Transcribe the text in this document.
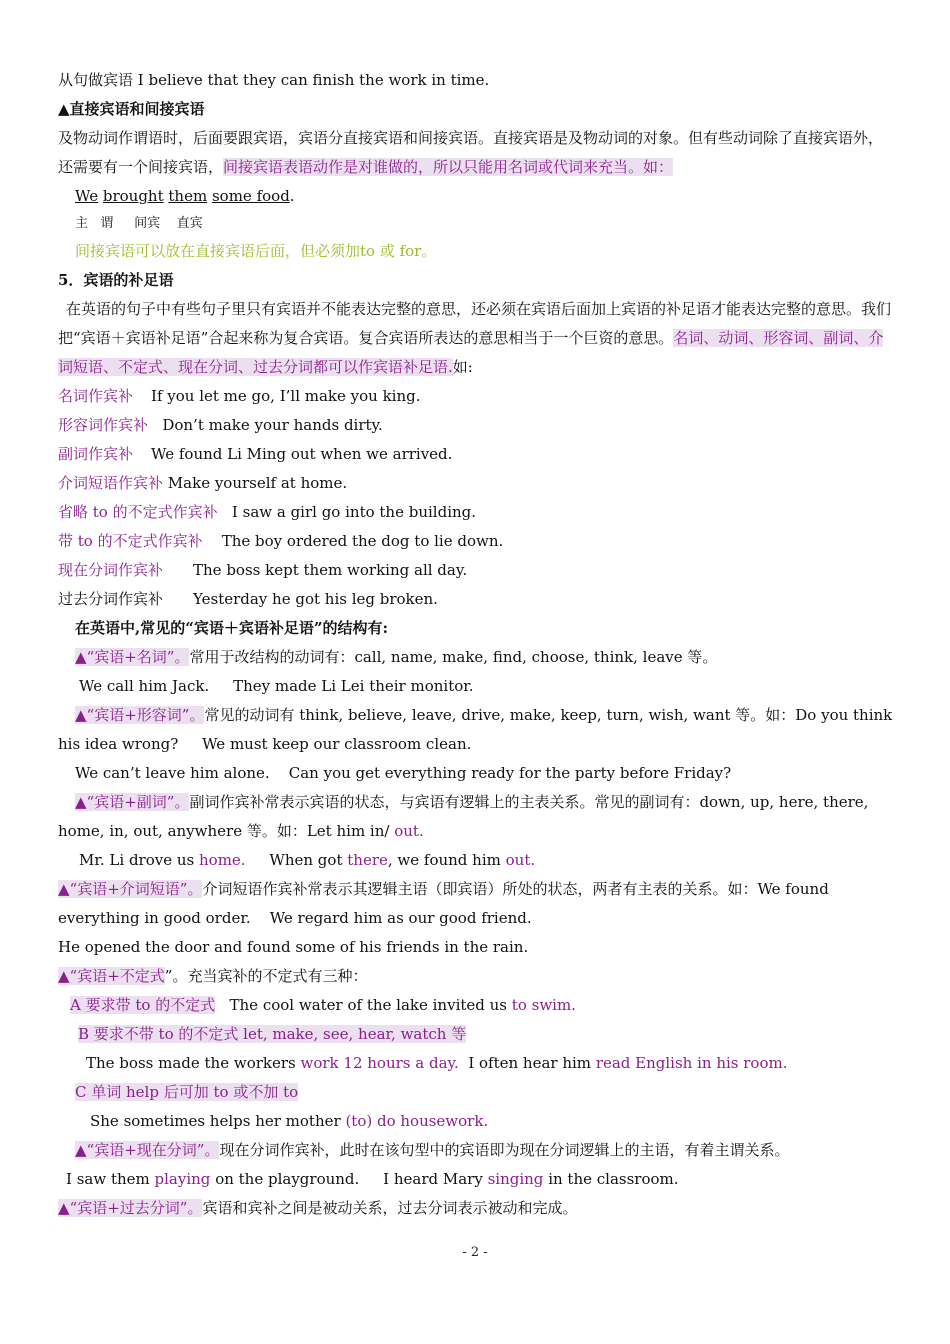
从句做宾语 I believe that they can finish the work in time.
▲直接宾语和间接宾语
及物动词作谓语时，后面要跟宾语，宾语分直接宾语和间接宾语。直接宾语是及物动词的对象。但有些动词除了直接宾语外，还需要有一个间接宾语，间接宾语表语动作是对谁做的，所以只能用名词或代词来充当。如：
We brought them some food.
主 谓 间宾 直宾
间接宾语可以放在直接宾语后面，但必须加to 或 for。
5．宾语的补足语
在英语的句子中有些句子里只有宾语并不能表达完整的意思，还必须在宾语后面加上宾语的补足语才能表达完整的意思。我们把“宾语＋宾语补足语”合起来称为复合宾语。复合宾语所表达的意思相当于一个巨资的意思。名词、动词、形容词、副词、介词短语、不定式、现在分词、过去分词都可以作宾语补足语.如:
名词作宾补 If you let me go, I’ll make you king.
形容词作宾补 Don’t make your hands dirty.
副词作宾补 We found Li Ming out when we arrived.
介词短语作宾补 Make yourself at home.
省略 to 的不定式作宾补 I saw a girl go into the building.
带 to 的不定式作宾补 The boy ordered the dog to lie down.
现在分词作宾补 The boss kept them working all day.
过去分词作宾补 Yesterday he got his leg broken.
在英语中,常见的“宾语＋宾语补足语”的结构有:
▲“宾语+名词”。常用于改结构的动词有：call, name, make, find, choose, think, leave 等。
We call him Jack. They made Li Lei their monitor.
▲“宾语+形容词”。常见的动词有 think, believe, leave, drive, make, keep, turn, wish, want 等。如：Do you think his idea wrong? We must keep our classroom clean.
We can’t leave him alone. Can you get everything ready for the party before Friday?
▲“宾语+副词”。副词作宾补常表示宾语的状态，与宾语有逻辑上的主表关系。常见的副词有：down, up, here, there, home, in, out, anywhere 等。如：Let him in/ out.
Mr. Li drove us home. When got there, we found him out.
▲“宾语+介词短语”。介词短语作宾补常表示其逻辑主语（即宾语）所处的状态，两者有主表的关系。如：We found everything in good order. We regard him as our good friend.
He opened the door and found some of his friends in the rain.
▲“宾语+不定式”。充当宾补的不定式有三种：
A 要求带 to 的不定式 The cool water of the lake invited us to swim.
B 要求不带 to 的不定式 let, make, see, hear, watch 等
The boss made the workers work 12 hours a day. I often hear him read English in his room.
C 单词 help 后可加 to 或不加 to
She sometimes helps her mother (to) do housework.
▲“宾语+现在分词”。现在分词作宾补，此时在该句型中的宾语即为现在分词逻辑上的主语，有着主谓关系。
I saw them playing on the playground. I heard Mary singing in the classroom.
▲“宾语+过去分词”。宾语和宾补之间是被动关系，过去分词表示被动和完成。
- 2 -
